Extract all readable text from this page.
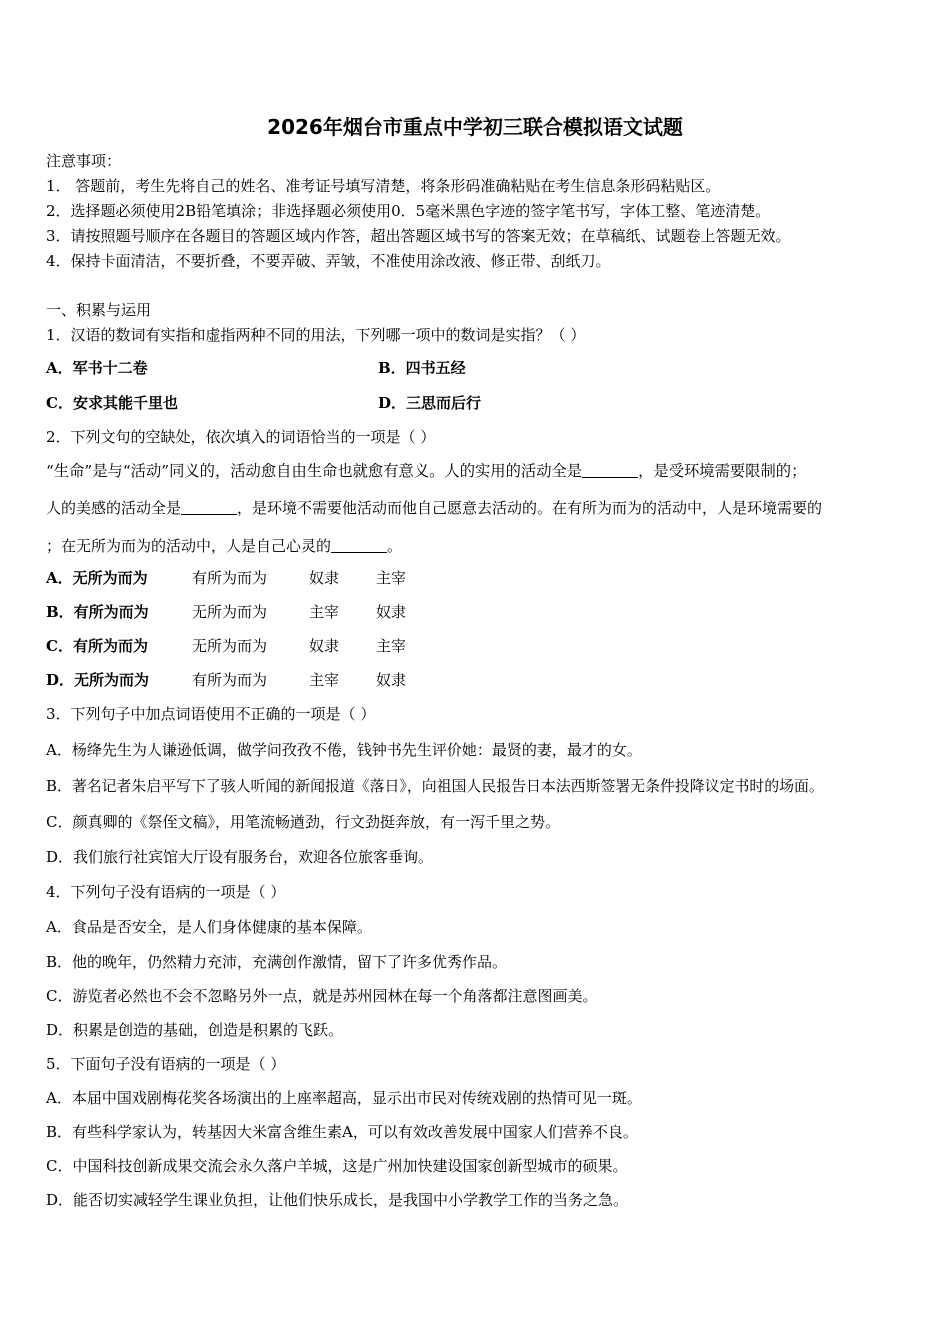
2026年烟台市重点中学初三联合模拟语文试题
注意事项：
1． 答题前，考生先将自己的姓名、准考证号填写清楚，将条形码准确粘贴在考生信息条形码粘贴区。
2．选择题必须使用2B铅笔填涂；非选择题必须使用0．5毫米黑色字迹的签字笔书写，字体工整、笔迹清楚。
3．请按照题号顺序在各题目的答题区域内作答，超出答题区域书写的答案无效；在草稿纸、试题卷上答题无效。
4．保持卡面清洁，不要折叠，不要弄破、弄皱，不准使用涂改液、修正带、刮纸刀。
一、积累与运用
1．汉语的数词有实指和虚指两种不同的用法，下列哪一项中的数词是实指？（ ）
A．军书十二卷	B．四书五经
C．安求其能千里也	D．三思而后行
2．下列文句的空缺处，依次填入的词语恰当的一项是（ ）
“生命”是与“活动”同义的，活动愈自由生命也就愈有意义。人的实用的活动全是	，是受环境需要限制的；
人的美感的活动全是	，是环境不需要他活动而他自己愿意去活动的。在有所为而为的活动中，人是环境需要的
；在无所为而为的活动中，人是自己心灵的	。
A．无所为而为	有所为而为	奴隶 主宰
B．有所为而为	无所为而为	主宰 奴隶
C．有所为而为	无所为而为	奴隶 主宰
D．无所为而为	有所为而为	主宰 奴隶
3．下列句子中加点词语使用不正确的一项是（ ）
A．杨绛先生为人谦逊低调，做学问孜孜不倦，钱钟书先生评价她：最贤的妻，最才的女。
B．著名记者朱启平写下了骇人听闻的新闻报道《落日》，向祖国人民报告日本法西斯签署无条件投降议定书时的场面。
C．颜真卿的《祭侄文稿》，用笔流畅遒劲，行文劲挺奔放，有一泻千里之势。
D．我们旅行社宾馆大厅设有服务台，欢迎各位旅客垂询。
4．下列句子没有语病的一项是（ ）
A．食品是否安全，是人们身体健康的基本保障。
B．他的晚年，仍然精力充沛，充满创作激情，留下了许多优秀作品。
C．游览者必然也不会不忽略另外一点，就是苏州园林在每一个角落都注意图画美。
D．积累是创造的基础，创造是积累的飞跃。
5．下面句子没有语病的一项是（ ）
A．本届中国戏剧梅花奖各场演出的上座率超高，显示出市民对传统戏剧的热情可见一斑。
B．有些科学家认为，转基因大米富含维生素A，可以有效改善发展中国家人们营养不良。
C．中国科技创新成果交流会永久落户羊城，这是广州加快建设国家创新型城市的硕果。
D．能否切实减轻学生课业负担，让他们快乐成长，是我国中小学教学工作的当务之急。
